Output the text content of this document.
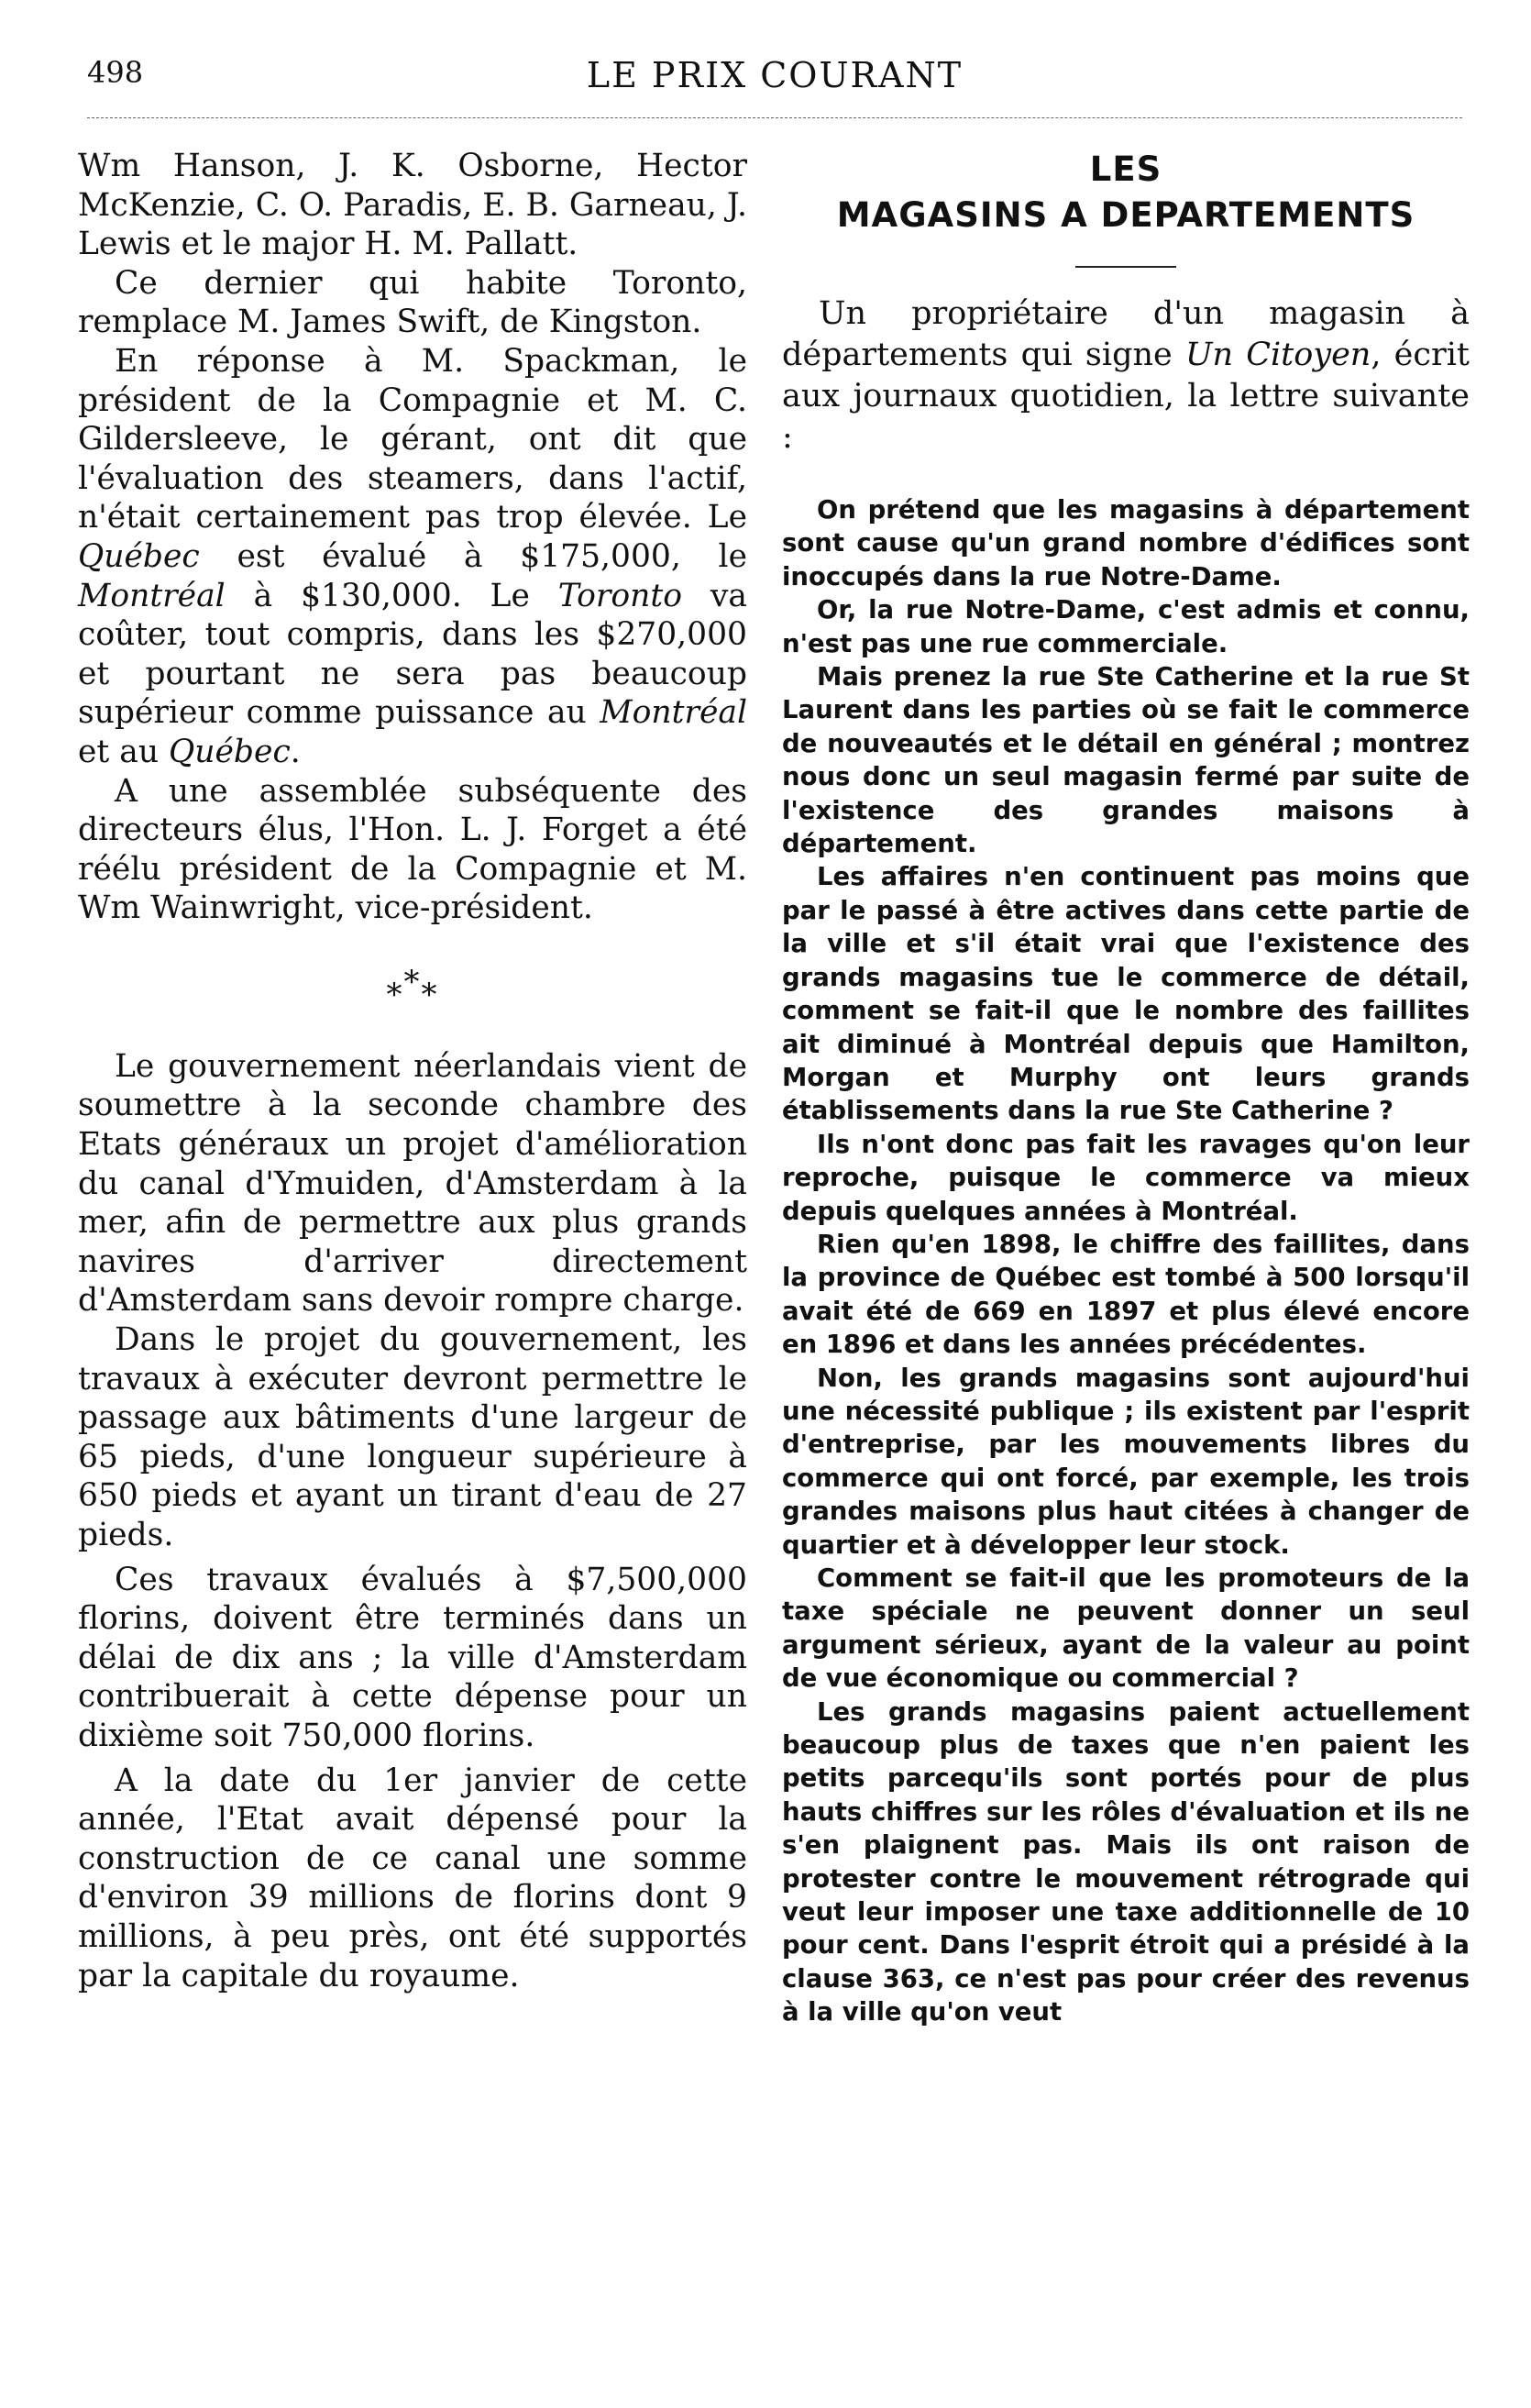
498	LE PRIX COURANT

Wm Hanson, J. K. Osborne, Hector McKenzie, C. O. Paradis, E. B. Garneau, J. Lewis et le major H. M. Pallatt.

Ce dernier qui habite Toronto, remplace M. James Swift, de Kingston.

En réponse à M. Spackman, le président de la Compagnie et M. C. Gildersleeve, le gérant, ont dit que l'évaluation des steamers, dans l'actif, n'était certainement pas trop élevée. Le Québec est évalué à $175,000, le Montréal à $130,000. Le Toronto va coûter, tout compris, dans les $270,000 et pourtant ne sera pas beaucoup supérieur comme puissance au Montréal et au Québec.

A une assemblée subséquente des directeurs élus, l'Hon. L. J. Forget a été réélu président de la Compagnie et M. Wm Wainwright, vice-président.

***

Le gouvernement néerlandais vient de soumettre à la seconde chambre des Etats généraux un projet d'amélioration du canal d'Ymuiden, d'Amsterdam à la mer, afin de permettre aux plus grands navires d'arriver directement d'Amsterdam sans devoir rompre charge.

Dans le projet du gouvernement, les travaux à exécuter devront permettre le passage aux bâtiments d'une largeur de 65 pieds, d'une longueur supérieure à 650 pieds et ayant un tirant d'eau de 27 pieds.

Ces travaux évalués à $7,500,000 florins, doivent être terminés dans un délai de dix ans ; la ville d'Amsterdam contribuerait à cette dépense pour un dixième soit 750,000 florins.

A la date du 1er janvier de cette année, l'Etat avait dépensé pour la construction de ce canal une somme d'environ 39 millions de florins dont 9 millions, à peu près, ont été supportés par la capitale du royaume.

LES
MAGASINS A DEPARTEMENTS

Un propriétaire d'un magasin à départements qui signe Un Citoyen, écrit aux journaux quotidien, la lettre suivante :

On prétend que les magasins à département sont cause qu'un grand nombre d'édifices sont inoccupés dans la rue Notre-Dame.

Or, la rue Notre-Dame, c'est admis et connu, n'est pas une rue commerciale.

Mais prenez la rue Ste Catherine et la rue St Laurent dans les parties où se fait le commerce de nouveautés et le détail en général ; montrez nous donc un seul magasin fermé par suite de l'existence des grandes maisons à département.

Les affaires n'en continuent pas moins que par le passé à être actives dans cette partie de la ville et s'il était vrai que l'existence des grands magasins tue le commerce de détail, comment se fait-il que le nombre des faillites ait diminué à Montréal depuis que Hamilton, Morgan et Murphy ont leurs grands établissements dans la rue Ste Catherine ?

Ils n'ont donc pas fait les ravages qu'on leur reproche, puisque le commerce va mieux depuis quelques années à Montréal.

Rien qu'en 1898, le chiffre des faillites, dans la province de Québec est tombé à 500 lorsqu'il avait été de 669 en 1897 et plus élevé encore en 1896 et dans les années précédentes.

Non, les grands magasins sont aujourd'hui une nécessité publique ; ils existent par l'esprit d'entreprise, par les mouvements libres du commerce qui ont forcé, par exemple, les trois grandes maisons plus haut citées à changer de quartier et à développer leur stock.

Comment se fait-il que les promoteurs de la taxe spéciale ne peuvent donner un seul argument sérieux, ayant de la valeur au point de vue économique ou commercial ?

Les grands magasins paient actuellement beaucoup plus de taxes que n'en paient les petits parcequ'ils sont portés pour de plus hauts chiffres sur les rôles d'évaluation et ils ne s'en plaignent pas. Mais ils ont raison de protester contre le mouvement rétrograde qui veut leur imposer une taxe additionnelle de 10 pour cent. Dans l'esprit étroit qui a présidé à la clause 363, ce n'est pas pour créer des revenus à la ville qu'on veut
